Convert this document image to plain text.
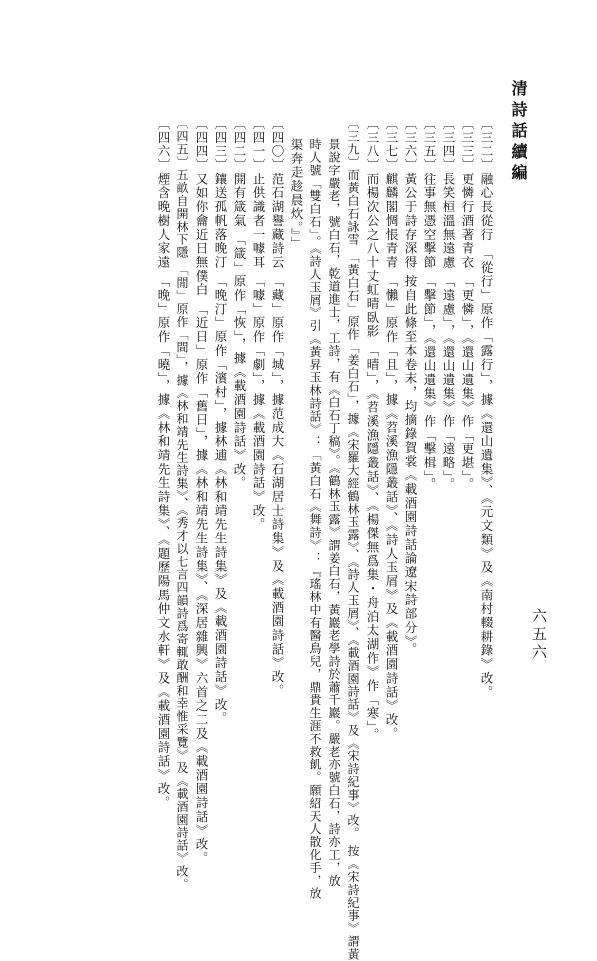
清詩話續編
六五六
〔三二〕融心長從行 「從行」原作「露行」，據《還山遺集》、《元文類》及《南村輟耕錄》改。
〔三三〕更憐行酒著青衣 「更憐」，《還山遺集》作「更堪」。
〔三四〕長笑桓溫無遠慮 「遠慮」，《還山遺集》作「遠略」。
〔三五〕往事無憑空擊節 「擊節」，《還山遺集》作「擊楫」。
〔三六〕黃公于詩存深得 按自此條至本卷末，均摘錄賀裳《載酒園詩話論遼宋詩部分》。
〔三七〕麒麟閣惆悵青青 「懶」原作「且」，據《苕溪漁隱叢話》、《詩人玉屑》及《載酒園詩話》改。
〔三八〕而楊次公之八十丈虹晴臥影 「晴」，《苕溪漁隱叢話》、《楊傑無爲集・舟泊太湖作》作「寒」。
〔三九〕而黃白石詠雪 「黃白石」原作「姜白石」，據《宋羅大經鶴林玉露》、《詩人玉屑》、《載酒園詩話》及《宋詩紀事》改。 按《宋詩紀事》謂黃
景說字嚴老，號白石，乾道進士，工詩，有《白石丁稿》。《鶴林玉露》謂姜白石，黃巖老學詩於蕭千巖。嚴老亦號白石，詩亦工，放
時人號「雙白石」。《詩人玉屑》引《黃昇玉林詩話》：「黃白石《舞詩》：『瑤林中有醫鳥兒，鼎貴生涯不救飢。願紹天人散化手，放
渠奔走趁晨炊。』」
〔四〇〕范石湖譽藏詩云 「藏」原作「城」，據范成大《石湖居士詩集》及《載酒園詩話》改。
〔四一〕止供識者一噱耳 「噱」原作「劇」，據《載酒園詩話》改。
〔四二〕開有箴氣 「箴」原作「恢」，據《載酒園詩話》改。
〔四三〕鑲送孤帆落晚汀 「晚汀」原作「濱村」，據林逋《林和靖先生詩集》及《載酒園詩話》改。
〔四四〕又如你龠近日無僕白 「近日」原作「舊日」，據《林和靖先生詩集》、《深居雜興》六首之二及《載酒園詩話》改。
〔四五〕五畝自開林下隱 「閒」原作「間」，據《林和靖先生詩集》、《秀才以七言四韻詩爲寄輒敢酬和幸惟采覽》及《載酒園詩話》改。
〔四六〕煙含晚樹人家遠 「晚」原作「曉」，據《林和靖先生詩集》、《題歷陽馬仲文水軒》及《載酒園詩話》改。
